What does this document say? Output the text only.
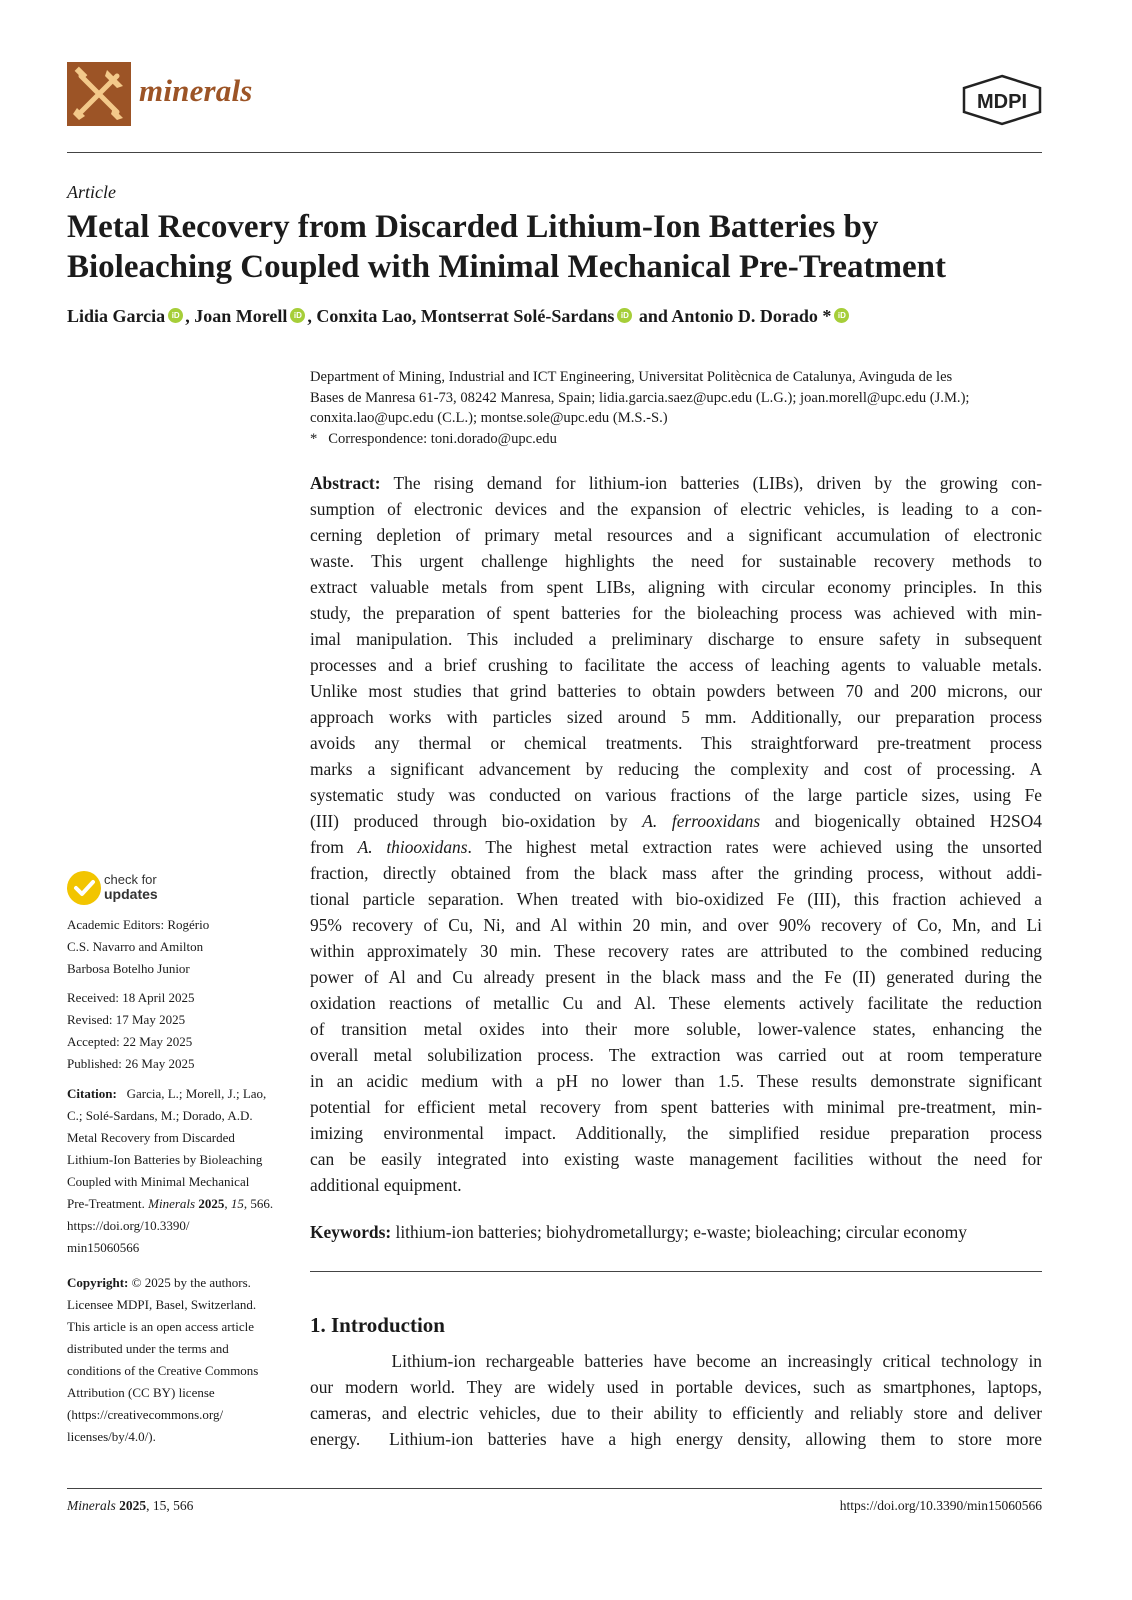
minerals	MDPI
Article
Metal Recovery from Discarded Lithium-Ion Batteries by
Bioleaching Coupled with Minimal Mechanical Pre-Treatment
Lidia Garcia iD , Joan Morell iD , Conxita Lao, Montserrat Solé-Sardans iD and Antonio D. Dorado * iD
Department of Mining, Industrial and ICT Engineering, Universitat Politècnica de Catalunya, Avinguda de les
Bases de Manresa 61-73, 08242 Manresa, Spain; lidia.garcia.saez@upc.edu (L.G.); joan.morell@upc.edu (J.M.);
conxita.lao@upc.edu (C.L.); montse.sole@upc.edu (M.S.-S.)
*   Correspondence: toni.dorado@upc.edu
Abstract: The rising demand for lithium-ion batteries (LIBs), driven by the growing con-
sumption of electronic devices and the expansion of electric vehicles, is leading to a con-
cerning depletion of primary metal resources and a significant accumulation of electronic
waste. This urgent challenge highlights the need for sustainable recovery methods to
extract valuable metals from spent LIBs, aligning with circular economy principles. In this
study, the preparation of spent batteries for the bioleaching process was achieved with min-
imal manipulation. This included a preliminary discharge to ensure safety in subsequent
processes and a brief crushing to facilitate the access of leaching agents to valuable metals.
Unlike most studies that grind batteries to obtain powders between 70 and 200 microns, our
approach works with particles sized around 5 mm. Additionally, our preparation process
avoids any thermal or chemical treatments. This straightforward pre-treatment process
marks a significant advancement by reducing the complexity and cost of processing. A
systematic study was conducted on various fractions of the large particle sizes, using Fe
(III) produced through bio-oxidation by A. ferrooxidans and biogenically obtained H2SO4
from A. thiooxidans. The highest metal extraction rates were achieved using the unsorted
fraction, directly obtained from the black mass after the grinding process, without addi-
tional particle separation. When treated with bio-oxidized Fe (III), this fraction achieved a
95% recovery of Cu, Ni, and Al within 20 min, and over 90% recovery of Co, Mn, and Li
within approximately 30 min. These recovery rates are attributed to the combined reducing
power of Al and Cu already present in the black mass and the Fe (II) generated during the
oxidation reactions of metallic Cu and Al. These elements actively facilitate the reduction
of transition metal oxides into their more soluble, lower-valence states, enhancing the
overall metal solubilization process. The extraction was carried out at room temperature
in an acidic medium with a pH no lower than 1.5. These results demonstrate significant
potential for efficient metal recovery from spent batteries with minimal pre-treatment, min-
imizing environmental impact. Additionally, the simplified residue preparation process
can be easily integrated into existing waste management facilities without the need for
additional equipment.
Keywords: lithium-ion batteries; biohydrometallurgy; e-waste; bioleaching; circular economy
1. Introduction
Lithium-ion rechargeable batteries have become an increasingly critical technology in
our modern world. They are widely used in portable devices, such as smartphones, laptops,
cameras, and electric vehicles, due to their ability to efficiently and reliably store and deliver
energy.  Lithium-ion batteries have a high energy density, allowing them to store more
check for
updates
Academic Editors: Rogério
C.S. Navarro and Amilton
Barbosa Botelho Junior
Received: 18 April 2025
Revised: 17 May 2025
Accepted: 22 May 2025
Published: 26 May 2025
Citation:   Garcia, L.; Morell, J.; Lao,
C.; Solé-Sardans, M.; Dorado, A.D.
Metal Recovery from Discarded
Lithium-Ion Batteries by Bioleaching
Coupled with Minimal Mechanical
Pre-Treatment. Minerals 2025, 15, 566.
https://doi.org/10.3390/
min15060566
Copyright: © 2025 by the authors.
Licensee MDPI, Basel, Switzerland.
This article is an open access article
distributed under the terms and
conditions of the Creative Commons
Attribution (CC BY) license
(https://creativecommons.org/
licenses/by/4.0/).
Minerals 2025, 15, 566	https://doi.org/10.3390/min15060566
